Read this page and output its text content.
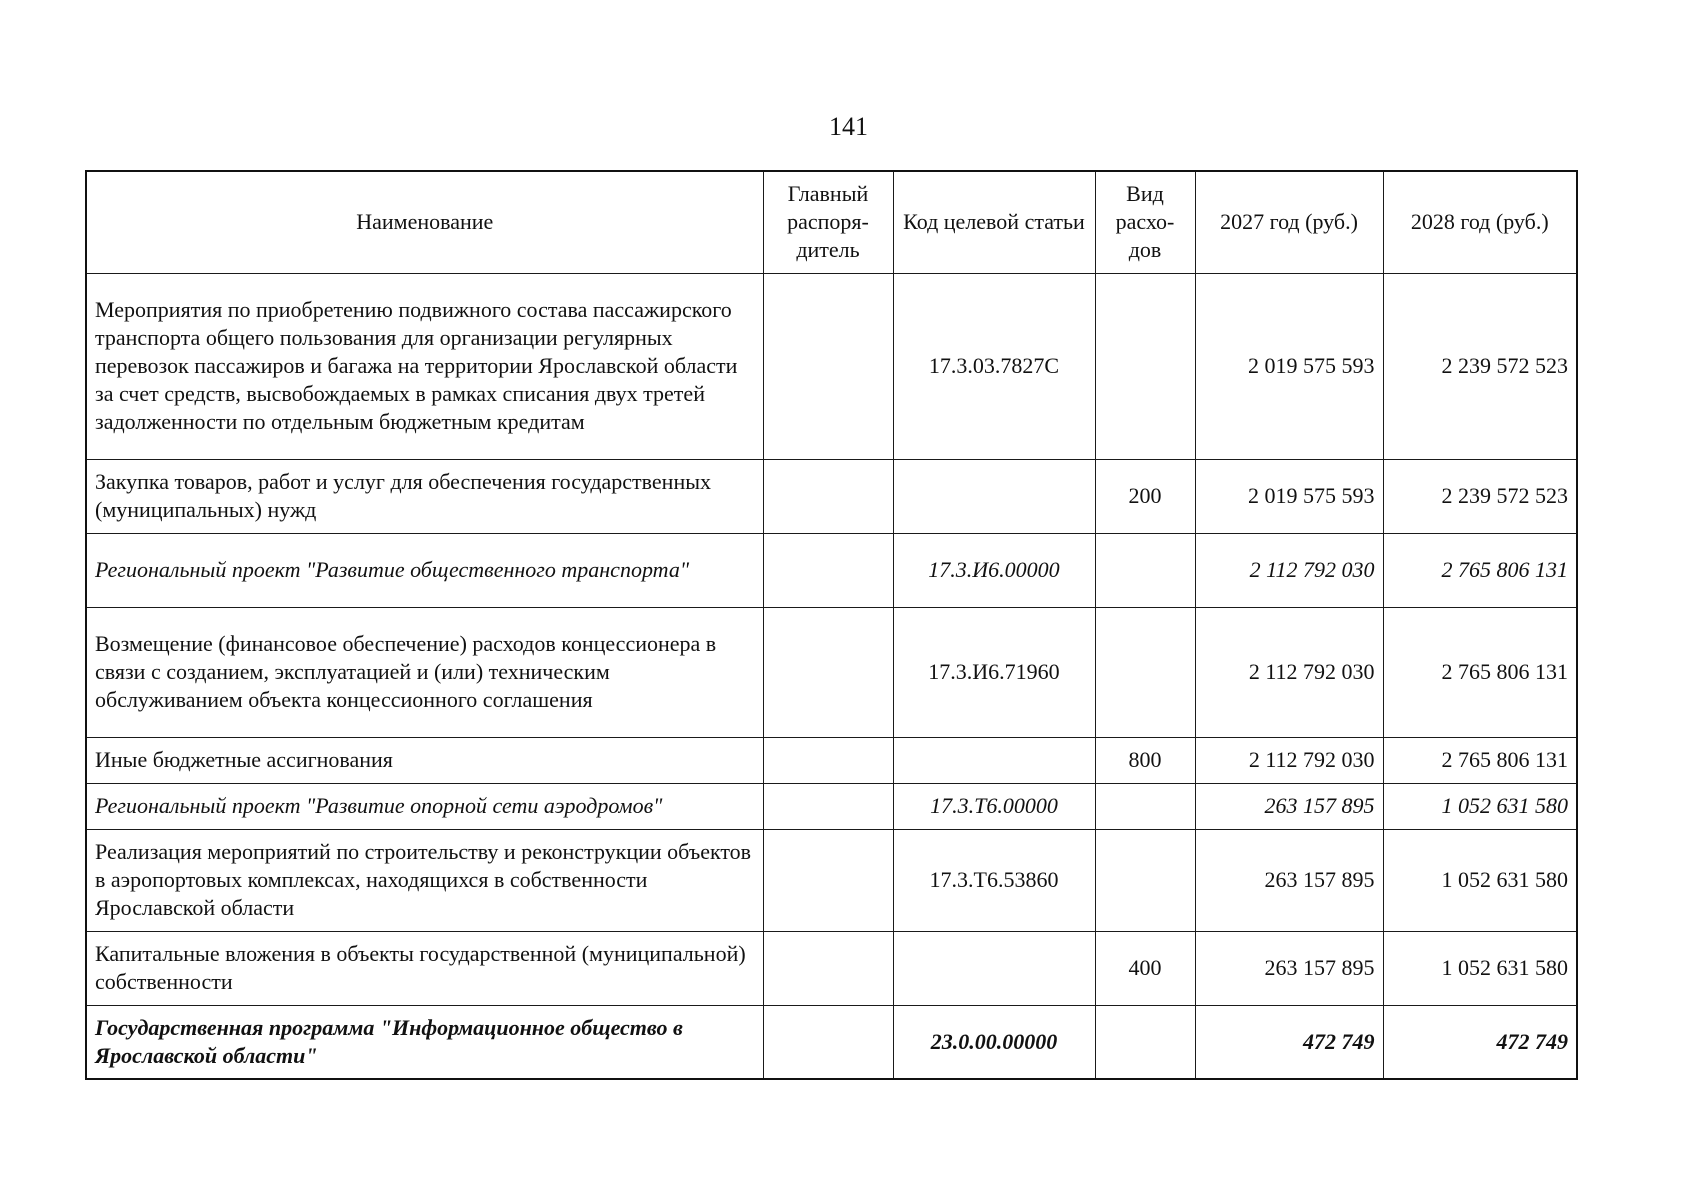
141
Наименование	Главный распоря-дитель	Код целевой статьи	Вид расхо-дов	2027 год (руб.)	2028 год (руб.)
Мероприятия по приобретению подвижного состава пассажирского транспорта общего пользования для организации регулярных перевозок пассажиров и багажа на территории Ярославской области за счет средств, высвобождаемых в рамках списания двух третей задолженности по отдельным бюджетным кредитам		17.3.03.7827С		2 019 575 593	2 239 572 523
Закупка товаров, работ и услуг для обеспечения государственных (муниципальных) нужд			200	2 019 575 593	2 239 572 523
Региональный проект "Развитие общественного транспорта"		17.3.И6.00000		2 112 792 030	2 765 806 131
Возмещение (финансовое обеспечение) расходов концессионера в связи с созданием, эксплуатацией и (или) техническим обслуживанием объекта концессионного соглашения		17.3.И6.71960		2 112 792 030	2 765 806 131
Иные бюджетные ассигнования			800	2 112 792 030	2 765 806 131
Региональный проект "Развитие опорной сети аэродромов"		17.3.Т6.00000		263 157 895	1 052 631 580
Реализация мероприятий по строительству и реконструкции объектов в аэропортовых комплексах, находящихся в собственности Ярославской области		17.3.Т6.53860		263 157 895	1 052 631 580
Капитальные вложения в объекты государственной (муниципальной) собственности			400	263 157 895	1 052 631 580
Государственная программа "Информационное общество в Ярославской области"		23.0.00.00000		472 749	472 749
